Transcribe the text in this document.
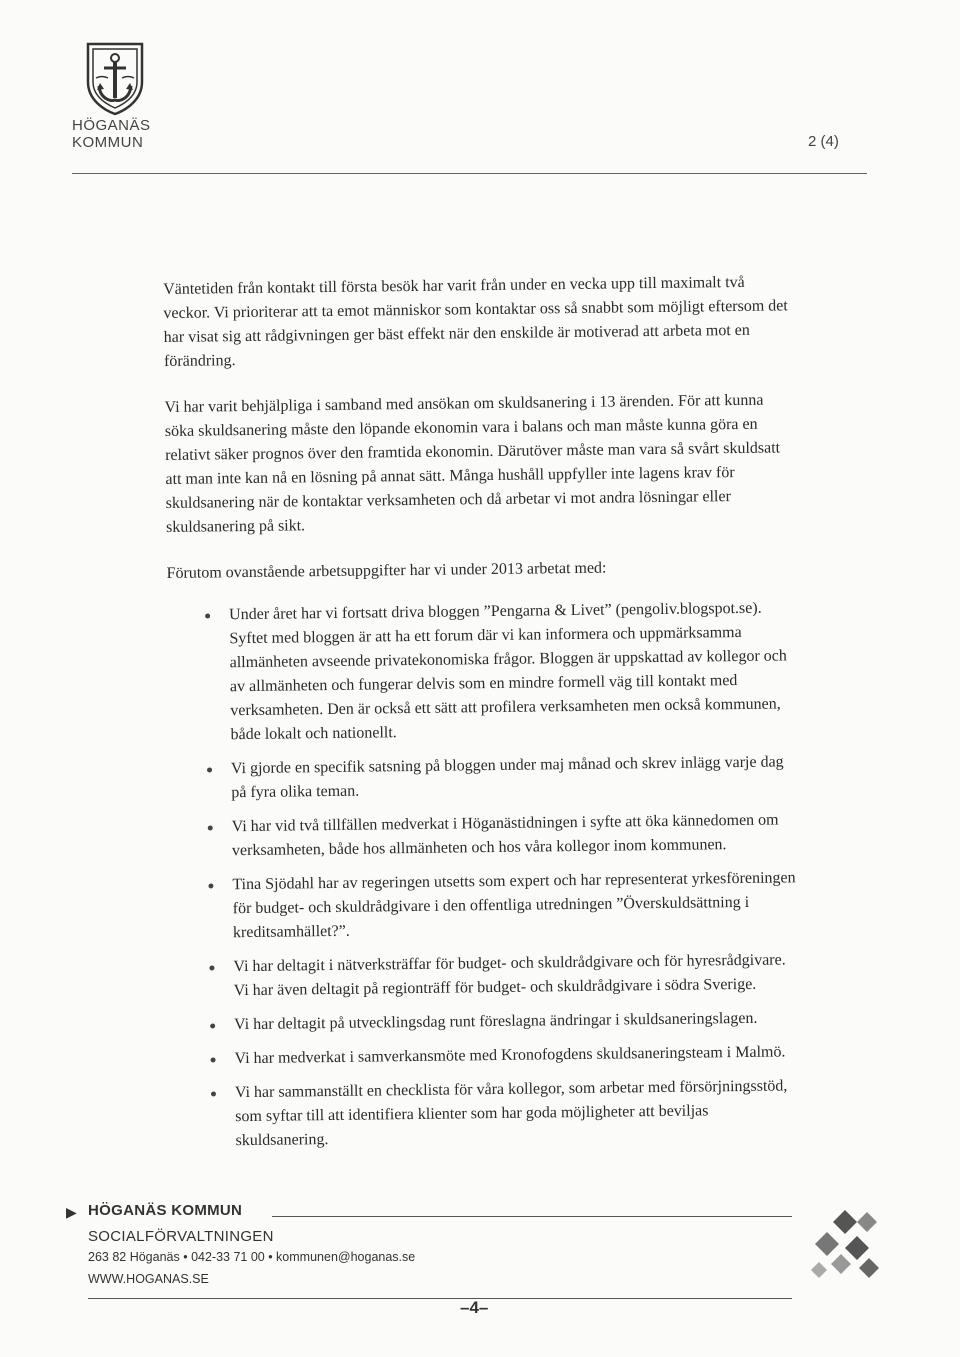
HÖGANÄS
KOMMUN	2 (4)

Väntetiden från kontakt till första besök har varit från under en vecka upp till maximalt två veckor. Vi prioriterar att ta emot människor som kontaktar oss så snabbt som möjligt eftersom det har visat sig att rådgivningen ger bäst effekt när den enskilde är motiverad att arbeta mot en förändring.

Vi har varit behjälpliga i samband med ansökan om skuldsanering i 13 ärenden. För att kunna söka skuldsanering måste den löpande ekonomin vara i balans och man måste kunna göra en relativt säker prognos över den framtida ekonomin. Därutöver måste man vara så svårt skuldsatt att man inte kan nå en lösning på annat sätt. Många hushåll uppfyller inte lagens krav för skuldsanering när de kontaktar verksamheten och då arbetar vi mot andra lösningar eller skuldsanering på sikt.

Förutom ovanstående arbetsuppgifter har vi under 2013 arbetat med:

Under året har vi fortsatt driva bloggen ”Pengarna & Livet” (pengoliv.blogspot.se). Syftet med bloggen är att ha ett forum där vi kan informera och uppmärksamma allmänheten avseende privatekonomiska frågor. Bloggen är uppskattad av kollegor och av allmänheten och fungerar delvis som en mindre formell väg till kontakt med verksamheten. Den är också ett sätt att profilera verksamheten men också kommunen, både lokalt och nationellt.
Vi gjorde en specifik satsning på bloggen under maj månad och skrev inlägg varje dag på fyra olika teman.
Vi har vid två tillfällen medverkat i Höganästidningen i syfte att öka kännedomen om verksamheten, både hos allmänheten och hos våra kollegor inom kommunen.
Tina Sjödahl har av regeringen utsetts som expert och har representerat yrkesföreningen för budget- och skuldrådgivare i den offentliga utredningen ”Överskuldsättning i kreditsamhället?”.
Vi har deltagit i nätverksträffar för budget- och skuldrådgivare och för hyresrådgivare. Vi har även deltagit på regionträff för budget- och skuldrådgivare i södra Sverige.
Vi har deltagit på utvecklingsdag runt föreslagna ändringar i skuldsaneringslagen.
Vi har medverkat i samverkansmöte med Kronofogdens skuldsaneringsteam i Malmö.
Vi har sammanställt en checklista för våra kollegor, som arbetar med försörjningsstöd, som syftar till att identifiera klienter som har goda möjligheter att beviljas skuldsanering.
▶ HÖGANÄS KOMMUN
SOCIALFÖRVALTNINGEN
263 82 Höganäs • 042-33 71 00 • kommunen@hoganas.se
WWW.HOGANAS.SE
–4–
